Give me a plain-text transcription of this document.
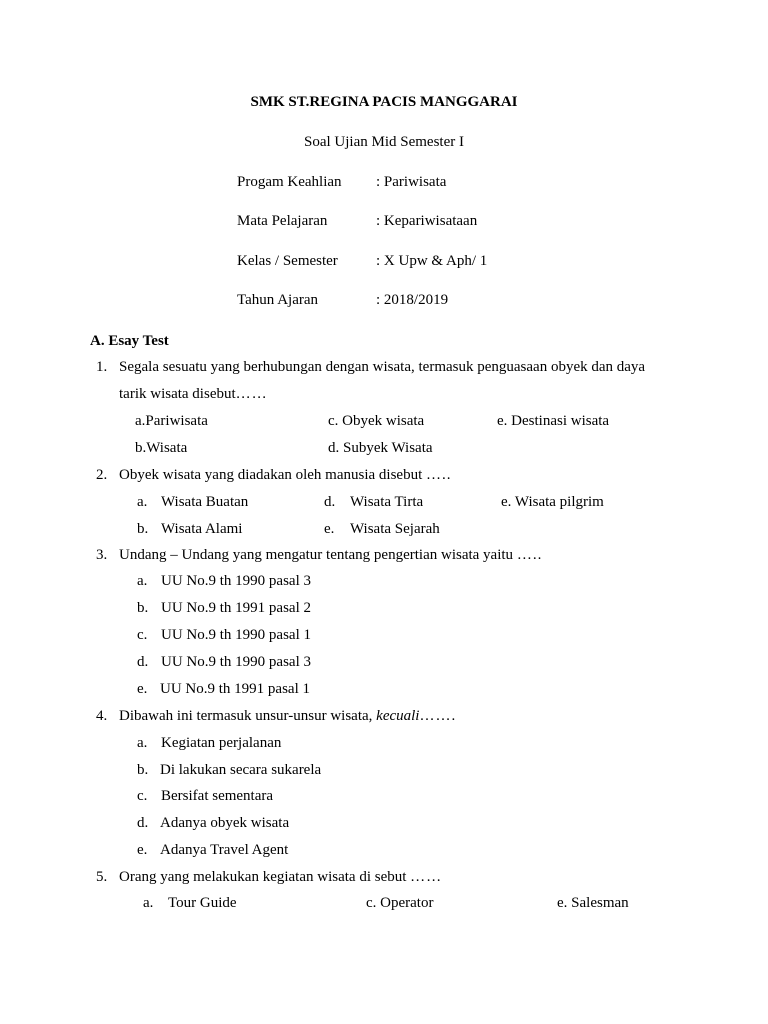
SMK ST.REGINA PACIS MANGGARAI
Soal Ujian Mid Semester I
Progam Keahlian : Pariwisata
Mata Pelajaran	: Kepariwisataan
Kelas / Semester	: X Upw & Aph/ 1
Tahun Ajaran	: 2018/2019
A. Esay Test
1. Segala sesuatu yang berhubungan dengan wisata, termasuk penguasaan obyek dan daya
tarik wisata disebut……
a.Pariwisata	c. Obyek wisata	e. Destinasi wisata
b.Wisata	d. Subyek Wisata
2. Obyek wisata yang diadakan oleh manusia disebut …..
a. Wisata Buatan	d. Wisata Tirta	e. Wisata pilgrim
b. Wisata Alami	e. Wisata Sejarah
3. Undang – Undang yang mengatur tentang pengertian wisata yaitu …..
a. UU No.9 th 1990 pasal 3
b. UU No.9 th 1991 pasal 2
c. UU No.9 th 1990 pasal 1
d. UU No.9 th 1990 pasal 3
e. UU No.9 th 1991 pasal 1
4. Dibawah ini termasuk unsur-unsur wisata, kecuali…….
a. Kegiatan perjalanan
b. Di lakukan secara sukarela
c. Bersifat sementara
d. Adanya obyek wisata
e. Adanya Travel Agent
5. Orang yang melakukan kegiatan wisata di sebut ……
a. Tour Guide	c. Operator	e. Salesman
